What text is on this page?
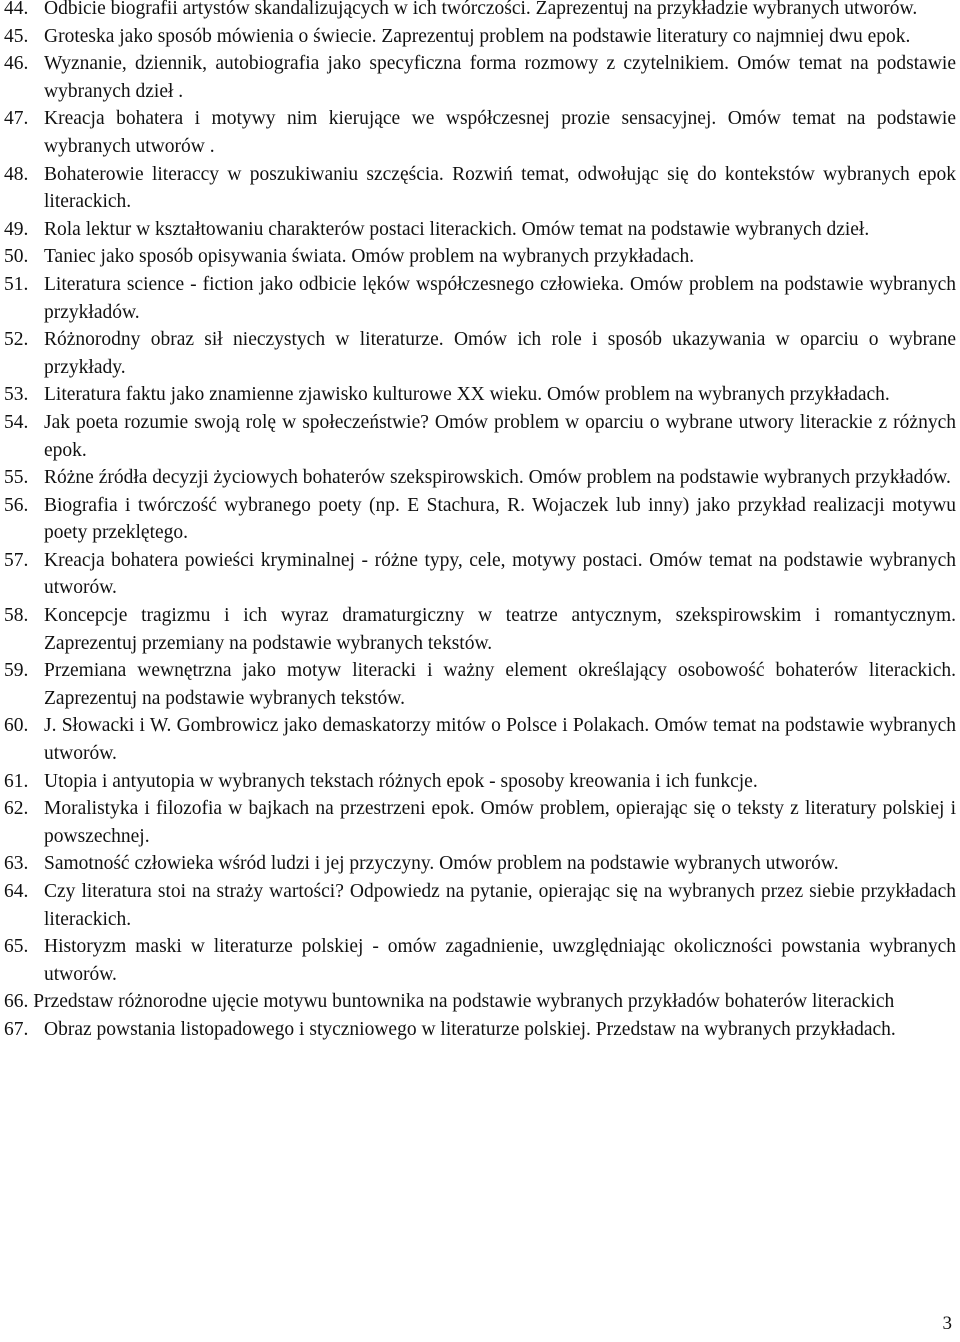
44. Odbicie biografii artystów skandalizujących w ich twórczości. Zaprezentuj na przykładzie wybranych utworów.
45. Groteska jako sposób mówienia o świecie. Zaprezentuj problem na podstawie literatury co najmniej dwu epok.
46. Wyznanie, dziennik, autobiografia jako specyficzna forma rozmowy z czytelnikiem. Omów temat na podstawie wybranych dzieł .
47. Kreacja bohatera i motywy nim kierujące we współczesnej prozie sensacyjnej. Omów temat na podstawie wybranych utworów .
48. Bohaterowie literaccy w poszukiwaniu szczęścia. Rozwiń temat, odwołując się do kontekstów wybranych epok literackich.
49. Rola lektur w kształtowaniu charakterów postaci literackich. Omów temat na podstawie wybranych dzieł.
50. Taniec jako sposób opisywania świata. Omów problem na wybranych przykładach.
51. Literatura science - fiction jako odbicie lęków współczesnego człowieka. Omów problem na podstawie wybranych przykładów.
52. Różnorodny obraz sił nieczystych w literaturze. Omów ich role i sposób ukazywania w oparciu o wybrane przykłady.
53. Literatura faktu jako znamienne zjawisko kulturowe XX wieku. Omów problem na wybranych przykładach.
54. Jak poeta rozumie swoją rolę w społeczeństwie? Omów problem w oparciu o wybrane utwory literackie z różnych epok.
55. Różne źródła decyzji życiowych bohaterów szekspirowskich. Omów problem na podstawie wybranych przykładów.
56. Biografia i twórczość wybranego poety (np. E Stachura, R. Wojaczek lub inny) jako przykład realizacji motywu poety przeklętego.
57. Kreacja bohatera powieści kryminalnej - różne typy, cele, motywy postaci. Omów temat na podstawie wybranych utworów.
58. Koncepcje tragizmu i ich wyraz dramaturgiczny w teatrze antycznym, szekspirowskim i romantycznym. Zaprezentuj przemiany na podstawie wybranych tekstów.
59. Przemiana wewnętrzna jako motyw literacki i ważny element określający osobowość bohaterów literackich. Zaprezentuj na podstawie wybranych tekstów.
60. J. Słowacki i W. Gombrowicz jako demaskatorzy mitów o Polsce i Polakach. Omów temat na podstawie wybranych utworów.
61. Utopia i antyutopia w wybranych tekstach różnych epok - sposoby kreowania i ich funkcje.
62. Moralistyka i filozofia w bajkach na przestrzeni epok. Omów problem, opierając się o teksty z literatury polskiej i powszechnej.
63. Samotność człowieka wśród ludzi i jej przyczyny. Omów problem na podstawie wybranych utworów.
64. Czy literatura stoi na straży wartości? Odpowiedz na pytanie, opierając się na wybranych przez siebie przykładach literackich.
65. Historyzm maski w literaturze polskiej - omów zagadnienie, uwzględniając okoliczności powstania wybranych utworów.
66. Przedstaw różnorodne ujęcie motywu buntownika na podstawie wybranych przykładów bohaterów literackich
67. Obraz powstania listopadowego i styczniowego w literaturze polskiej. Przedstaw na wybranych przykładach.
3
